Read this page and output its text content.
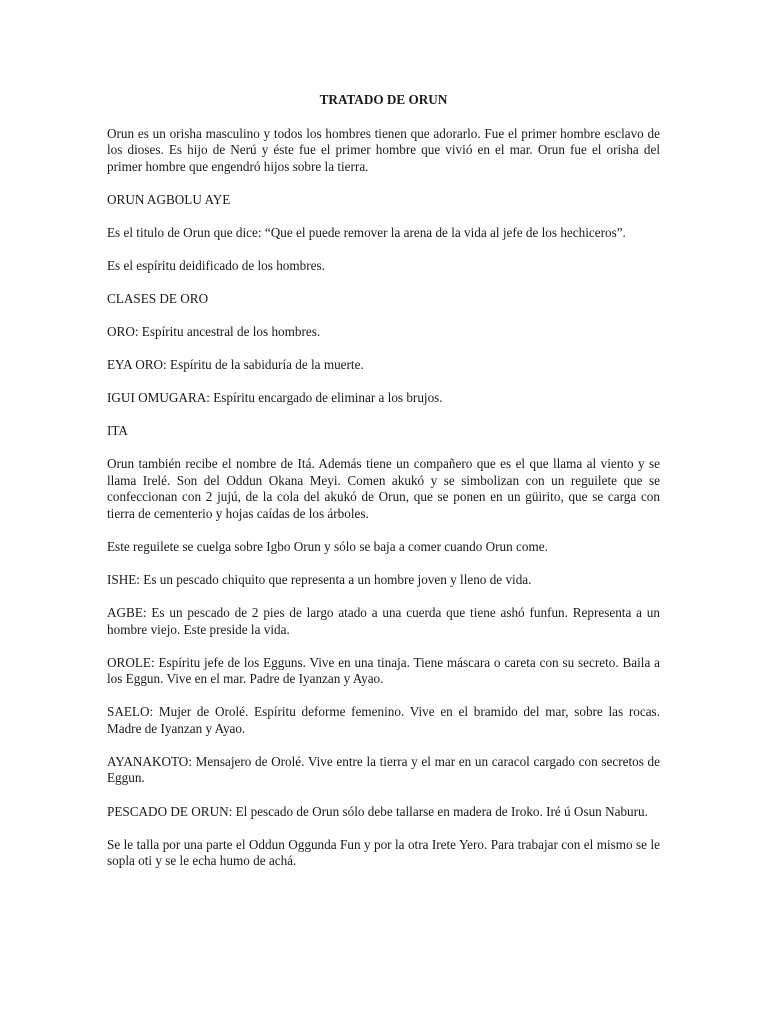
TRATADO DE ORUN

Orun es un orisha masculino y todos los hombres tienen que adorarlo. Fue el primer hombre esclavo de los dioses. Es hijo de Nerú y éste fue el primer hombre que vivió en el mar. Orun fue el orisha del primer hombre que engendró hijos sobre la tierra.

ORUN AGBOLU AYE

Es el titulo de Orun que dice: “Que el puede remover la arena de la vida al jefe de los hechiceros”.

Es el espíritu deidificado de los hombres.

CLASES DE ORO

ORO: Espíritu ancestral de los hombres.

EYA ORO: Espíritu de la sabiduría de la muerte.

IGUI OMUGARA: Espíritu encargado de eliminar a los brujos.

ITA

Orun también recibe el nombre de Itá. Además tiene un compañero que es el que llama al viento y se llama Irelé. Son del Oddun Okana Meyi. Comen akukó y se simbolizan con un reguilete que se confeccionan con 2 jujú, de la cola del akukó de Orun, que se ponen en un güirito, que se carga con tierra de cementerio y hojas caídas de los árboles.

Este reguilete se cuelga sobre Igbo Orun y sólo se baja a comer cuando Orun come.

ISHE: Es un pescado chiquito que representa a un hombre joven y lleno de vida.

AGBE: Es un pescado de 2 pies de largo atado a una cuerda que tiene ashó funfun. Representa a un hombre viejo. Este preside la vida.

OROLE: Espíritu jefe de los Egguns. Vive en una tinaja. Tiene máscara o careta con su secreto. Baila a los Eggun. Vive en el mar. Padre de Iyanzan y Ayao.

SAELO: Mujer de Orolé. Espíritu deforme femenino. Vive en el bramido del mar, sobre las rocas. Madre de Iyanzan y Ayao.

AYANAKOTO: Mensajero de Orolé. Vive entre la tierra y el mar en un caracol cargado con secretos de Eggun.

PESCADO DE ORUN: El pescado de Orun sólo debe tallarse en madera de Iroko. Iré ú Osun Naburu.

Se le talla por una parte el Oddun Oggunda Fun y por la otra Irete Yero. Para trabajar con el mismo se le sopla oti y se le echa humo de achá.
